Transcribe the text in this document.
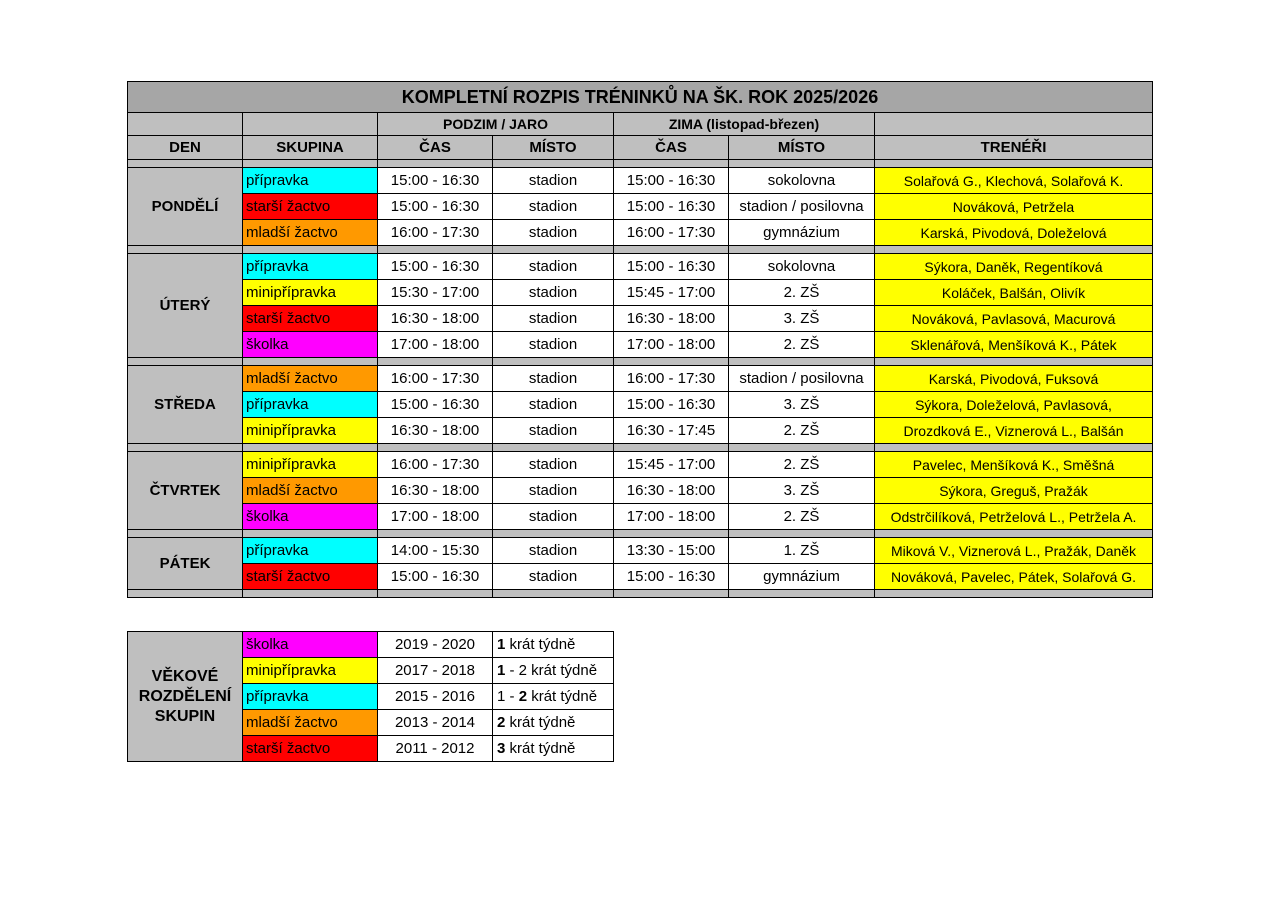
KOMPLETNÍ ROZPIS TRÉNINKŮ NA ŠK. ROK 2025/2026						
		PODZIM / JARO		ZIMA (listopad-březen)		
DEN	SKUPINA	ČAS	MÍSTO	ČAS	MÍSTO	TRENÉŘI

PONDĚLÍ	přípravka	15:00 - 16:30	stadion	15:00 - 16:30	sokolovna	Solařová G., Klechová, Solařová K.
	starší žactvo	15:00 - 16:30	stadion	15:00 - 16:30	stadion / posilovna	Nováková, Petržela
	mladší žactvo	16:00 - 17:30	stadion	16:00 - 17:30	gymnázium	Karská, Pivodová, Doleželová

ÚTERÝ	přípravka	15:00 - 16:30	stadion	15:00 - 16:30	sokolovna	Sýkora, Daněk, Regentíková
	minipřípravka	15:30 - 17:00	stadion	15:45 - 17:00	2. ZŠ	Koláček, Balšán, Olivík
	starší žactvo	16:30 - 18:00	stadion	16:30 - 18:00	3. ZŠ	Nováková, Pavlasová, Macurová
	školka	17:00 - 18:00	stadion	17:00 - 18:00	2. ZŠ	Sklenářová, Menšíková K., Pátek

STŘEDA	mladší žactvo	16:00 - 17:30	stadion	16:00 - 17:30	stadion / posilovna	Karská, Pivodová, Fuksová
	přípravka	15:00 - 16:30	stadion	15:00 - 16:30	3. ZŠ	Sýkora, Doleželová, Pavlasová,
	minipřípravka	16:30 - 18:00	stadion	16:30 - 17:45	2. ZŠ	Drozdková E., Viznerová L., Balšán

ČTVRTEK	minipřípravka	16:00 - 17:30	stadion	15:45 - 17:00	2. ZŠ	Pavelec, Menšíková K., Směšná
	mladší žactvo	16:30 - 18:00	stadion	16:30 - 18:00	3. ZŠ	Sýkora, Greguš, Pražák
	školka	17:00 - 18:00	stadion	17:00 - 18:00	2. ZŠ	Odstrčilíková, Petrželová L., Petržela A.

PÁTEK	přípravka	14:00 - 15:30	stadion	13:30 - 15:00	1. ZŠ	Miková V., Viznerová L., Pražák, Daněk
	starší žactvo	15:00 - 16:30	stadion	15:00 - 16:30	gymnázium	Nováková, Pavelec, Pátek, Solařová G.

VĚKOVÉ ROZDĚLENÍ SKUPIN	školka	2019 - 2020	1 krát týdně
	minipřípravka	2017 - 2018	1 - 2 krát týdně
	přípravka	2015 - 2016	1 - 2 krát týdně
	mladší žactvo	2013 - 2014	2 krát týdně
	starší žactvo	2011 - 2012	3 krát týdně
